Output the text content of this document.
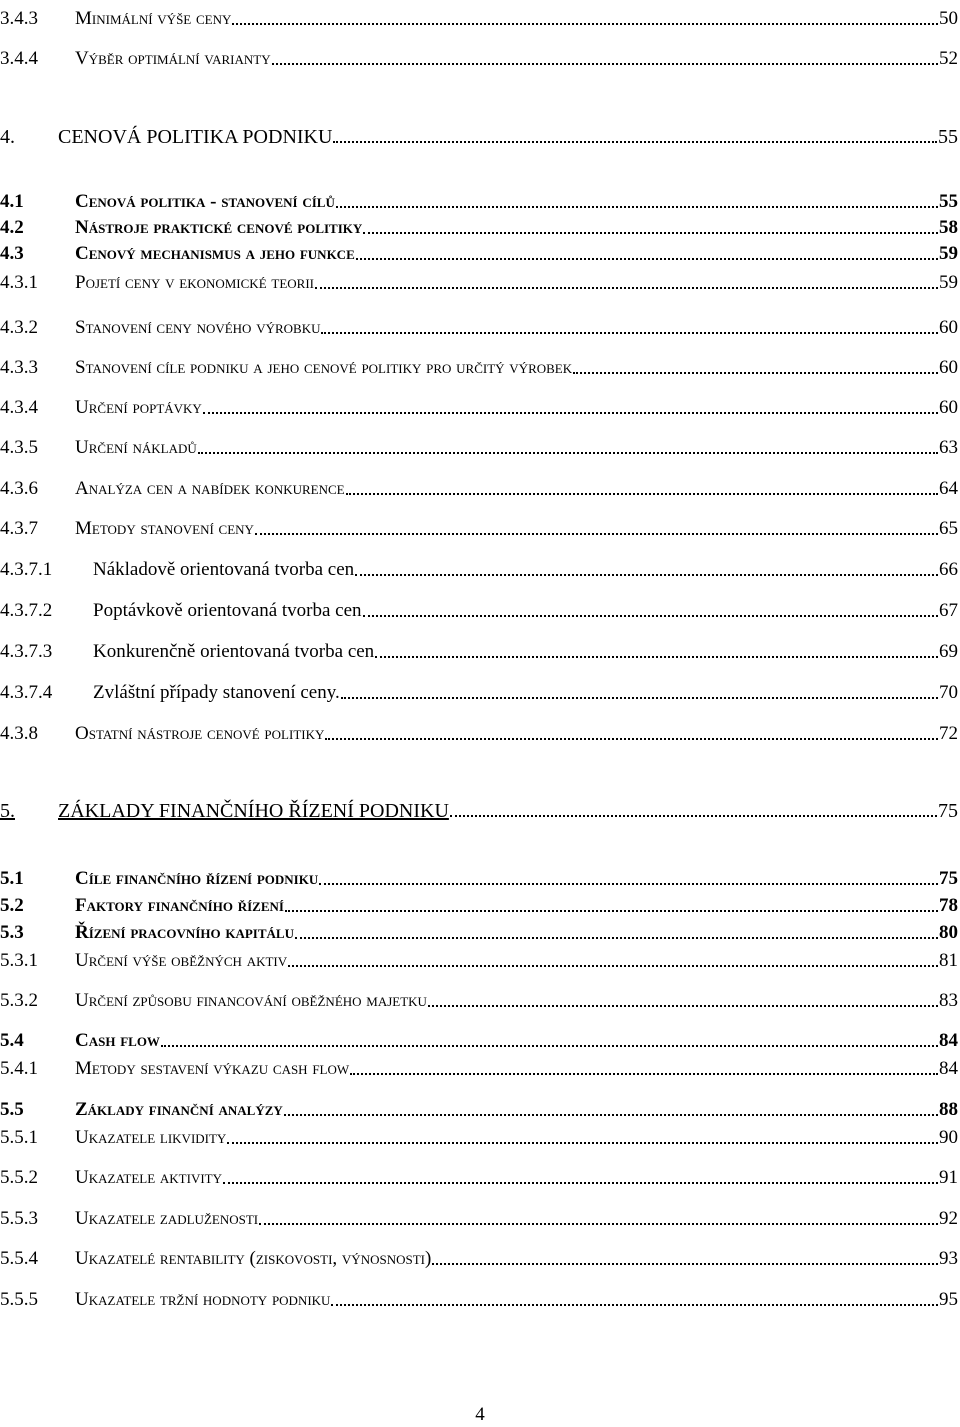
3.4.3	Minimální výše ceny	50
3.4.4	Výběr optimální varianty	52
4.	CENOVÁ POLITIKA PODNIKU	55
4.1	Cenová politika - stanovení cílů	55
4.2	Nástroje praktické cenové politiky	58
4.3	Cenový mechanismus a jeho funkce	59
4.3.1	Pojetí ceny v ekonomické teorii	59
4.3.2	Stanovení ceny nového výrobku	60
4.3.3	Stanovení cíle podniku a jeho cenové politiky pro určitý výrobek	60
4.3.4	Určení poptávky	60
4.3.5	Určení nákladů	63
4.3.6	Analýza cen a nabídek konkurence	64
4.3.7	Metody stanovení ceny	65
4.3.7.1	Nákladově orientovaná tvorba cen	66
4.3.7.2	Poptávkově orientovaná tvorba cen	67
4.3.7.3	Konkurenčně orientovaná tvorba cen	69
4.3.7.4	Zvláštní případy stanovení ceny.	70
4.3.8	Ostatní nástroje cenové politiky	72
5.	ZÁKLADY FINANČNÍHO ŘÍZENÍ PODNIKU	75
5.1	Cíle finančního řízení podniku	75
5.2	Faktory finančního řízení	78
5.3	Řízení pracovního kapitálu	80
5.3.1	Určení výše oběžných aktiv	81
5.3.2	Určení způsobu financování oběžného majetku	83
5.4	Cash flow	84
5.4.1	Metody sestavení výkazu cash flow	84
5.5	Základy finanční analýzy	88
5.5.1	Ukazatele likvidity	90
5.5.2	Ukazatele aktivity	91
5.5.3	Ukazatele zadluženosti	92
5.5.4	Ukazatelé rentability (ziskovosti, výnosnosti)	93
5.5.5	Ukazatele tržní hodnoty podniku	95
4
